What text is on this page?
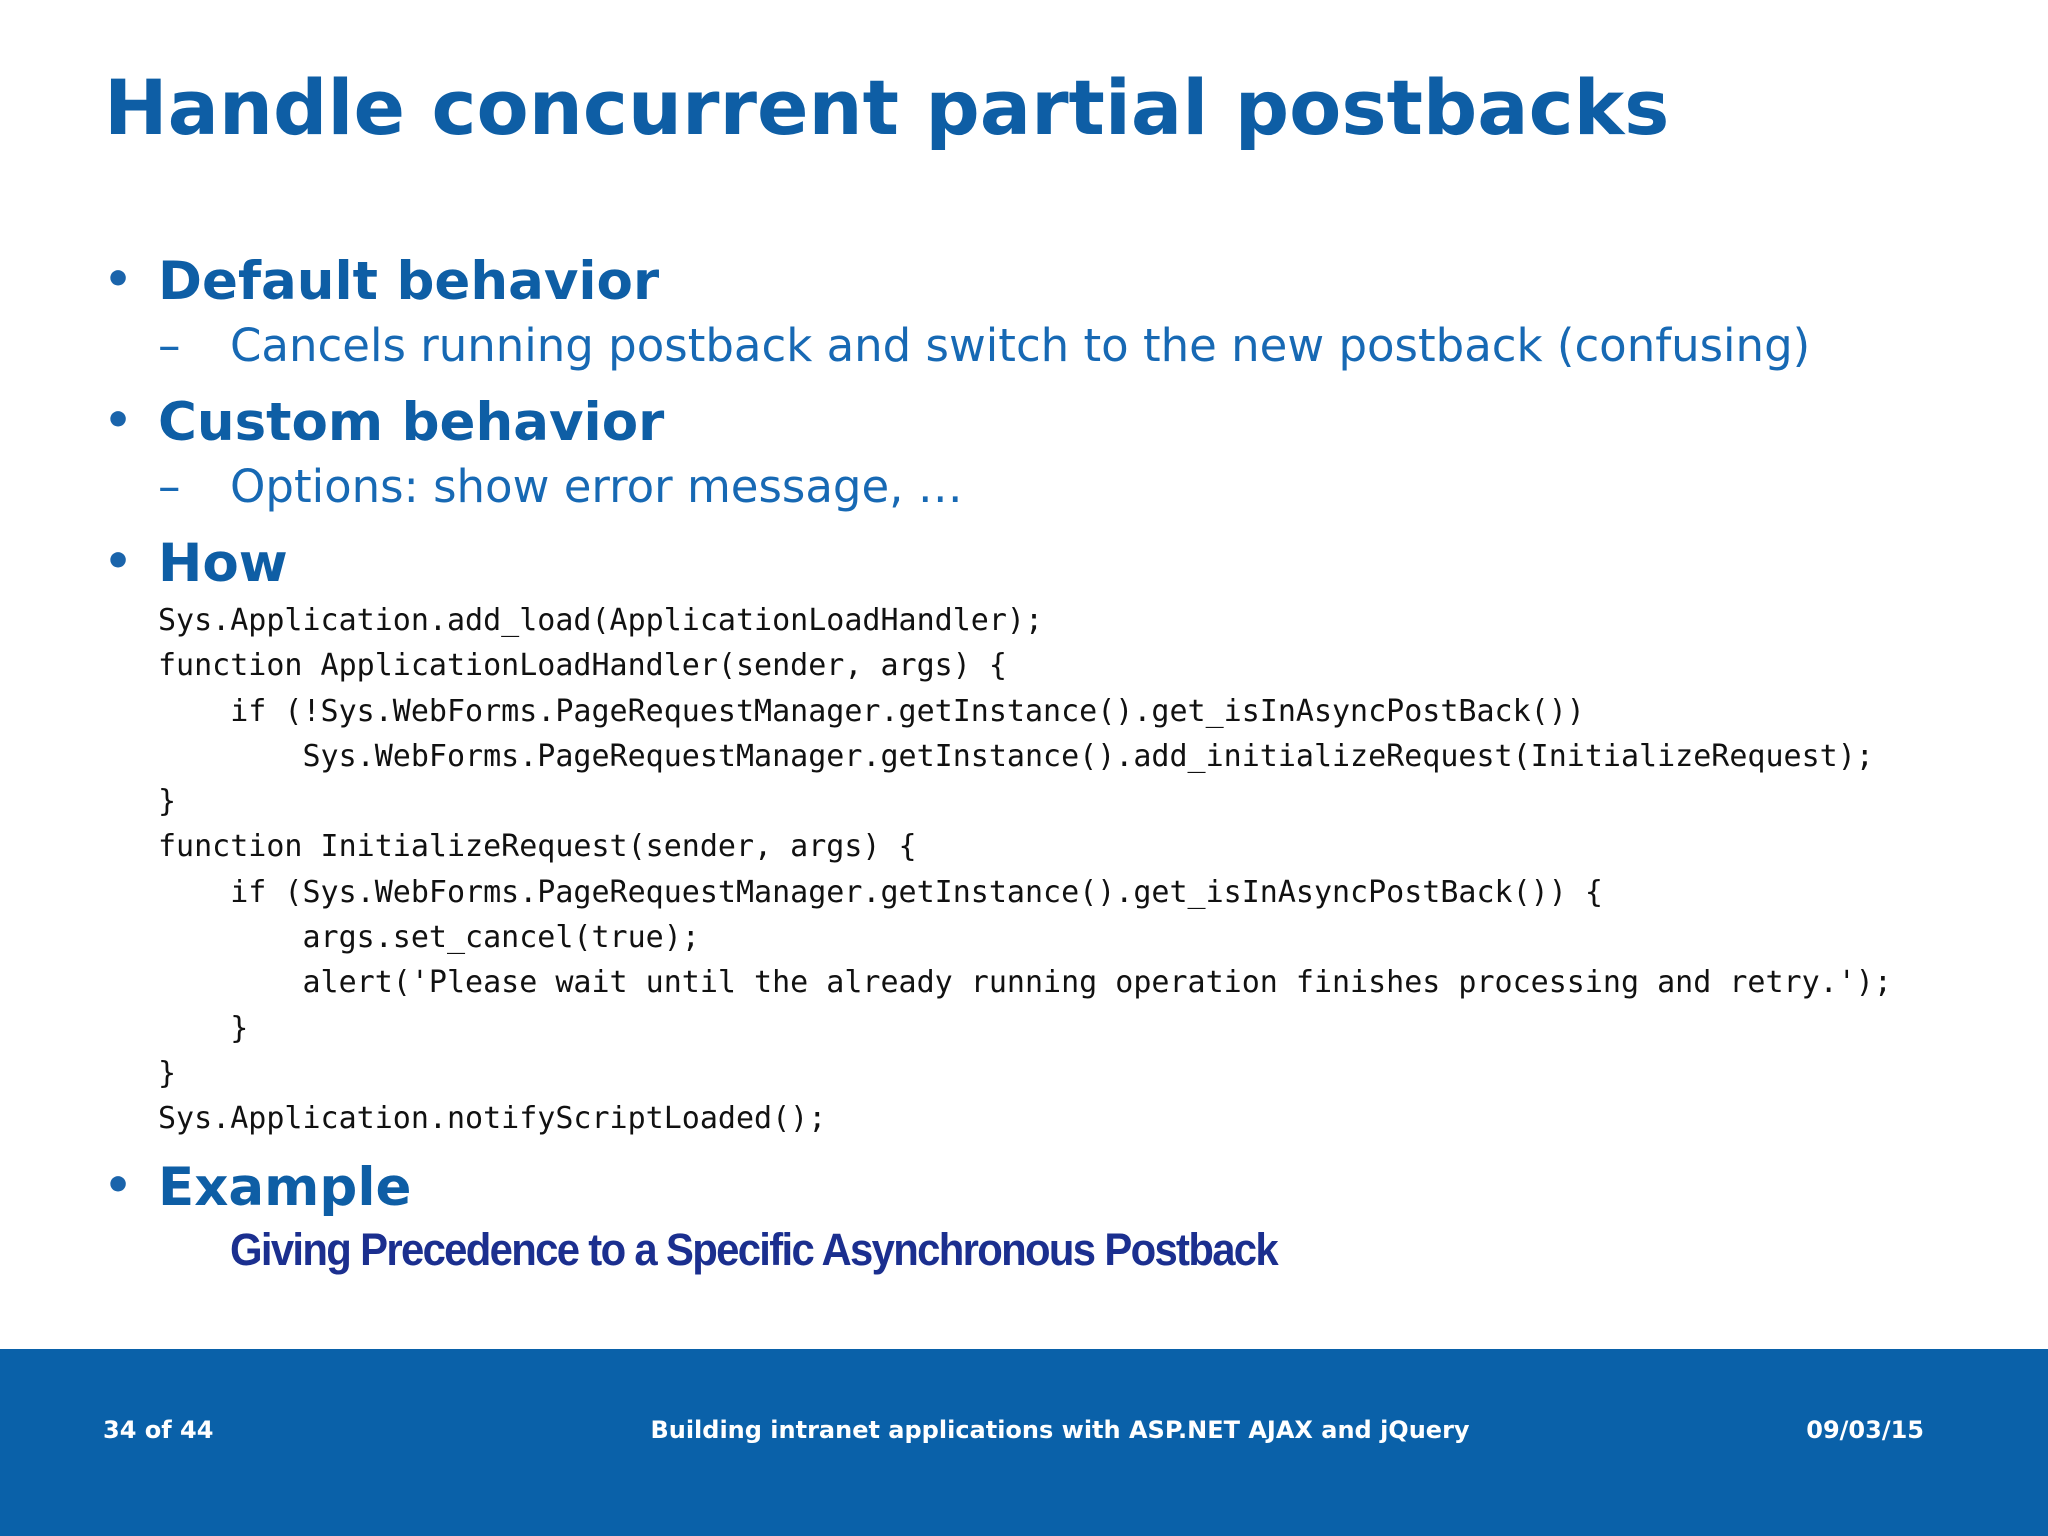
Handle concurrent partial postbacks
• Default behavior
– Cancels running postback and switch to the new postback (confusing)
• Custom behavior
– Options: show error message, …
• How
Sys.Application.add_load(ApplicationLoadHandler);
function ApplicationLoadHandler(sender, args) {
if (!Sys.WebForms.PageRequestManager.getInstance().get_isInAsyncPostBack())
Sys.WebForms.PageRequestManager.getInstance().add_initializeRequest(InitializeRequest);
}
function InitializeRequest(sender, args) {
if (Sys.WebForms.PageRequestManager.getInstance().get_isInAsyncPostBack()) {
args.set_cancel(true);
alert('Please wait until the already running operation finishes processing and retry.');
}
}
Sys.Application.notifyScriptLoaded();
• Example
Giving Precedence to a Specific Asynchronous Postback
34 of 44	Building intranet applications with ASP.NET AJAX and jQuery	09/03/15
